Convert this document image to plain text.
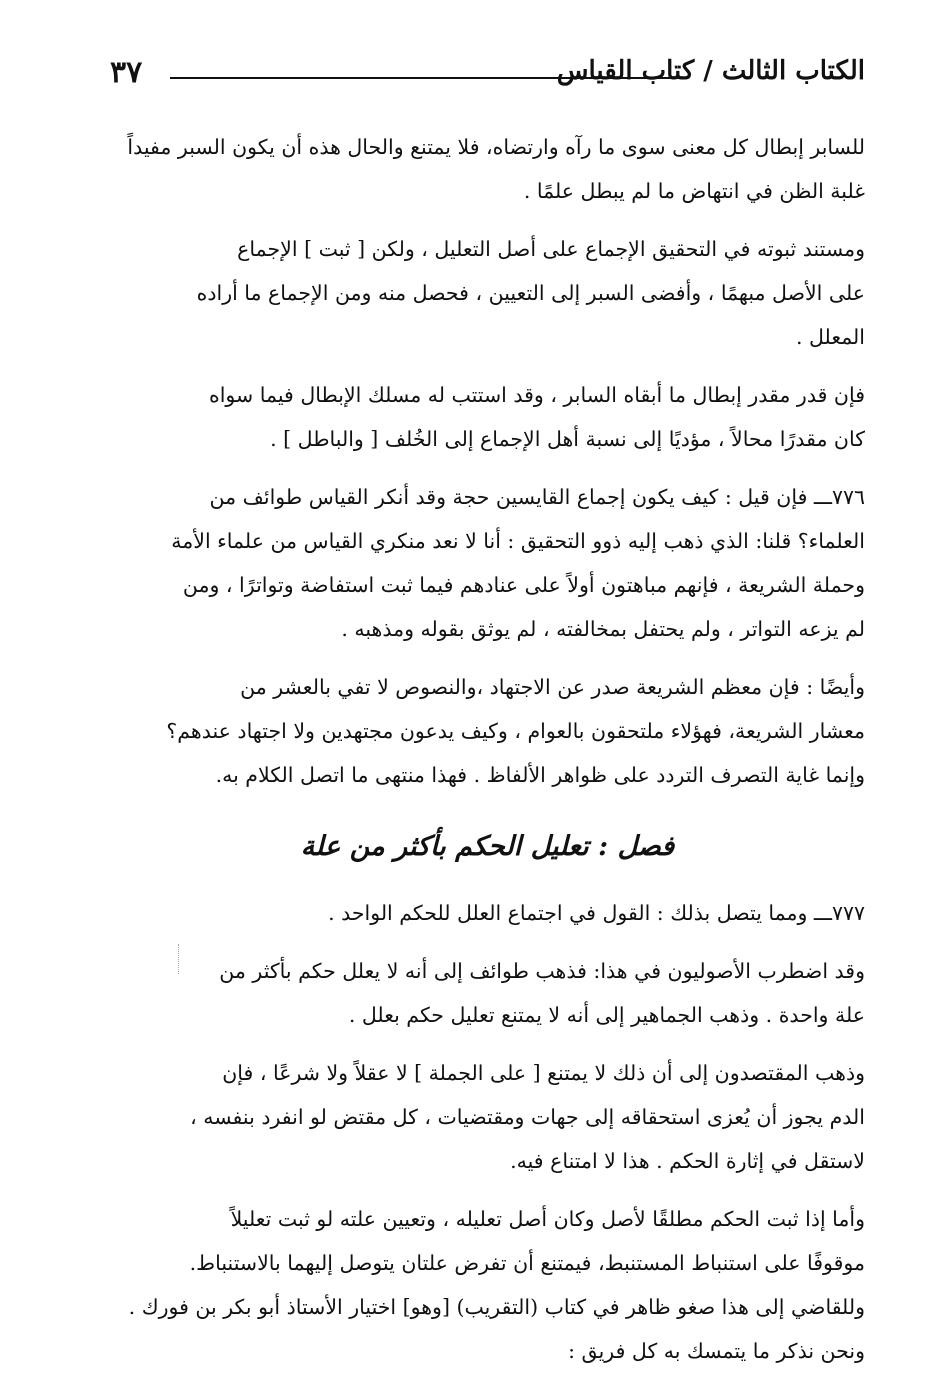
٣٧	الكتاب الثالث / كتاب القياس
للسابر إبطال كل معنى سوى ما رآه وارتضاه، فلا يمتنع والحال هذه أن يكون السبر مفيداً
غلبة الظن في انتهاض ما لم يبطل علمًا .
ومستند ثبوته في التحقيق الإجماع على أصل التعليل ، ولكن [ ثبت ] الإجماع
على الأصل مبهمًا ، وأفضى السبر إلى التعيين ، فحصل منه ومن الإجماع ما أراده
المعلل .
فإن قدر مقدر إبطال ما أبقاه السابر ، وقد استتب له مسلك الإبطال فيما سواه
كان مقدرًا محالاً ، مؤديًا إلى نسبة أهل الإجماع إلى الخُلف [ والباطل ] .
٧٧٦ـــ فإن قيل : كيف يكون إجماع القايسين حجة وقد أنكر القياس طوائف من
العلماء؟ قلنا: الذي ذهب إليه ذوو التحقيق : أنا لا نعد منكري القياس من علماء الأمة
وحملة الشريعة ، فإنهم مباهتون أولاً على عنادهم فيما ثبت استفاضة وتواترًا ، ومن
لم يزعه التواتر ، ولم يحتفل بمخالفته ، لم يوثق بقوله ومذهبه .
وأيضًا : فإن معظم الشريعة صدر عن الاجتهاد ،والنصوص لا تفي بالعشر من
معشار الشريعة، فهؤلاء ملتحقون بالعوام ، وكيف يدعون مجتهدين ولا اجتهاد عندهم؟
وإنما غاية التصرف التردد على ظواهر الألفاظ . فهذا منتهى ما اتصل الكلام به.
فصل : تعليل الحكم بأكثر من علة
٧٧٧ـــ ومما يتصل بذلك : القول في اجتماع العلل للحكم الواحد .
وقد اضطرب الأصوليون في هذا: فذهب طوائف إلى أنه لا يعلل حكم بأكثر من
علة واحدة . وذهب الجماهير إلى أنه لا يمتنع تعليل حكم بعلل .
وذهب المقتصدون إلى أن ذلك لا يمتنع [ على الجملة ] لا عقلاً ولا شرعًا ، فإن
الدم يجوز أن يُعزى استحقاقه إلى جهات ومقتضيات ، كل مقتض لو انفرد بنفسه ،
لاستقل في إثارة الحكم . هذا لا امتناع فيه.
وأما إذا ثبت الحكم مطلقًا لأصل وكان أصل تعليله ، وتعيين علته لو ثبت تعليلاً
موقوفًا على استنباط المستنبط، فيمتنع أن تفرض علتان يتوصل إليهما بالاستنباط.
وللقاضي إلى هذا صغو ظاهر في كتاب (التقريب) [وهو] اختيار الأستاذ أبو بكر بن فورك .
ونحن نذكر ما يتمسك به كل فريق :
